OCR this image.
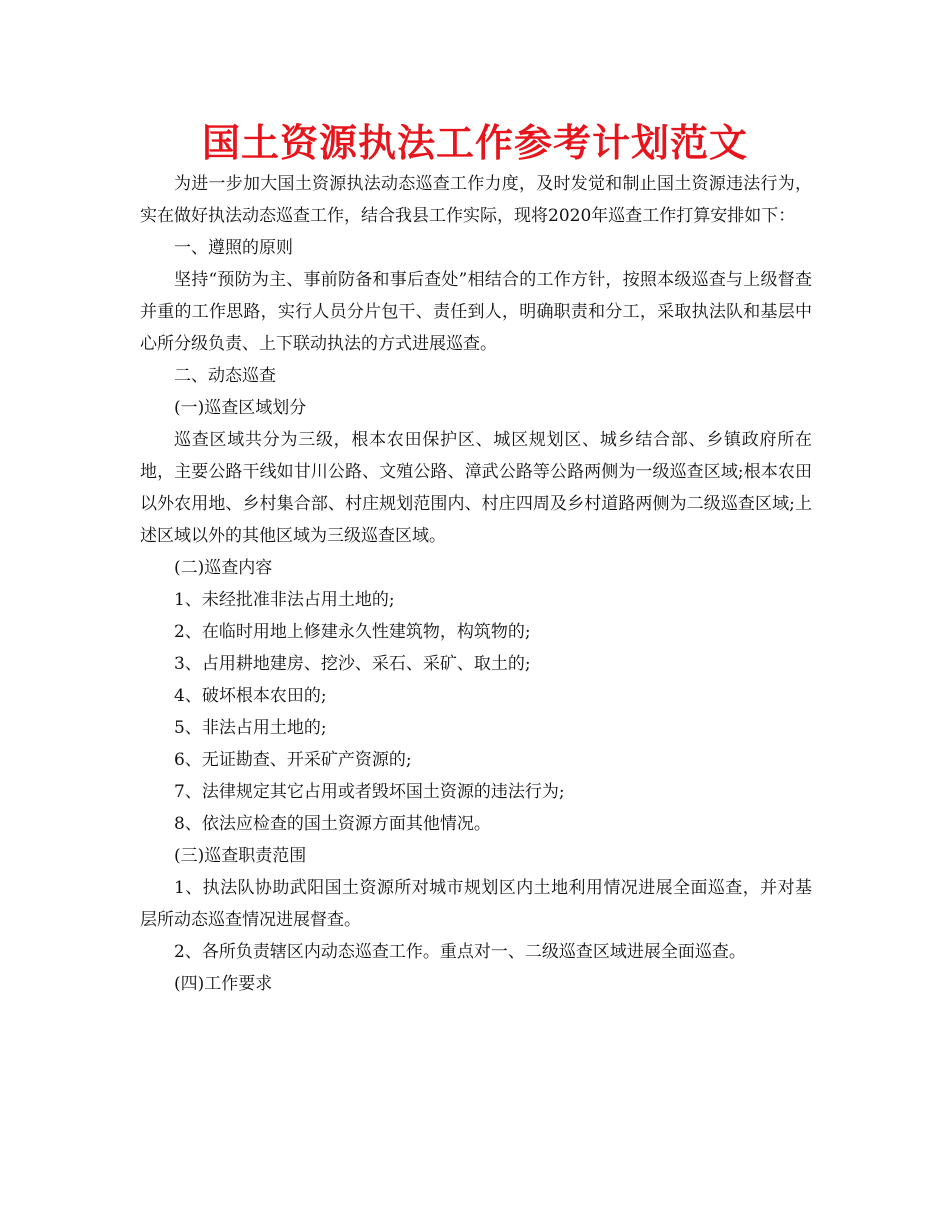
国土资源执法工作参考计划范文

为进一步加大国土资源执法动态巡查工作力度，及时发觉和制止国土资源违法行为，实在做好执法动态巡查工作，结合我县工作实际，现将2020年巡查工作打算安排如下：

一、遵照的原则

坚持“预防为主、事前防备和事后查处”相结合的工作方针，按照本级巡查与上级督查并重的工作思路，实行人员分片包干、责任到人，明确职责和分工，采取执法队和基层中心所分级负责、上下联动执法的方式进展巡查。

二、动态巡查

(一)巡查区域划分

巡查区域共分为三级，根本农田保护区、城区规划区、城乡结合部、乡镇政府所在地，主要公路干线如甘川公路、文殖公路、漳武公路等公路两侧为一级巡查区域;根本农田以外农用地、乡村集合部、村庄规划范围内、村庄四周及乡村道路两侧为二级巡查区域;上述区域以外的其他区域为三级巡查区域。

(二)巡查内容

1、未经批准非法占用土地的;

2、在临时用地上修建永久性建筑物，构筑物的;

3、占用耕地建房、挖沙、采石、采矿、取土的;

4、破坏根本农田的;

5、非法占用土地的;

6、无证勘查、开采矿产资源的;

7、法律规定其它占用或者毁坏国土资源的违法行为;

8、依法应检查的国土资源方面其他情况。

(三)巡查职责范围

1、执法队协助武阳国土资源所对城市规划区内土地利用情况进展全面巡查，并对基层所动态巡查情况进展督查。

2、各所负责辖区内动态巡查工作。重点对一、二级巡查区域进展全面巡查。

(四)工作要求
